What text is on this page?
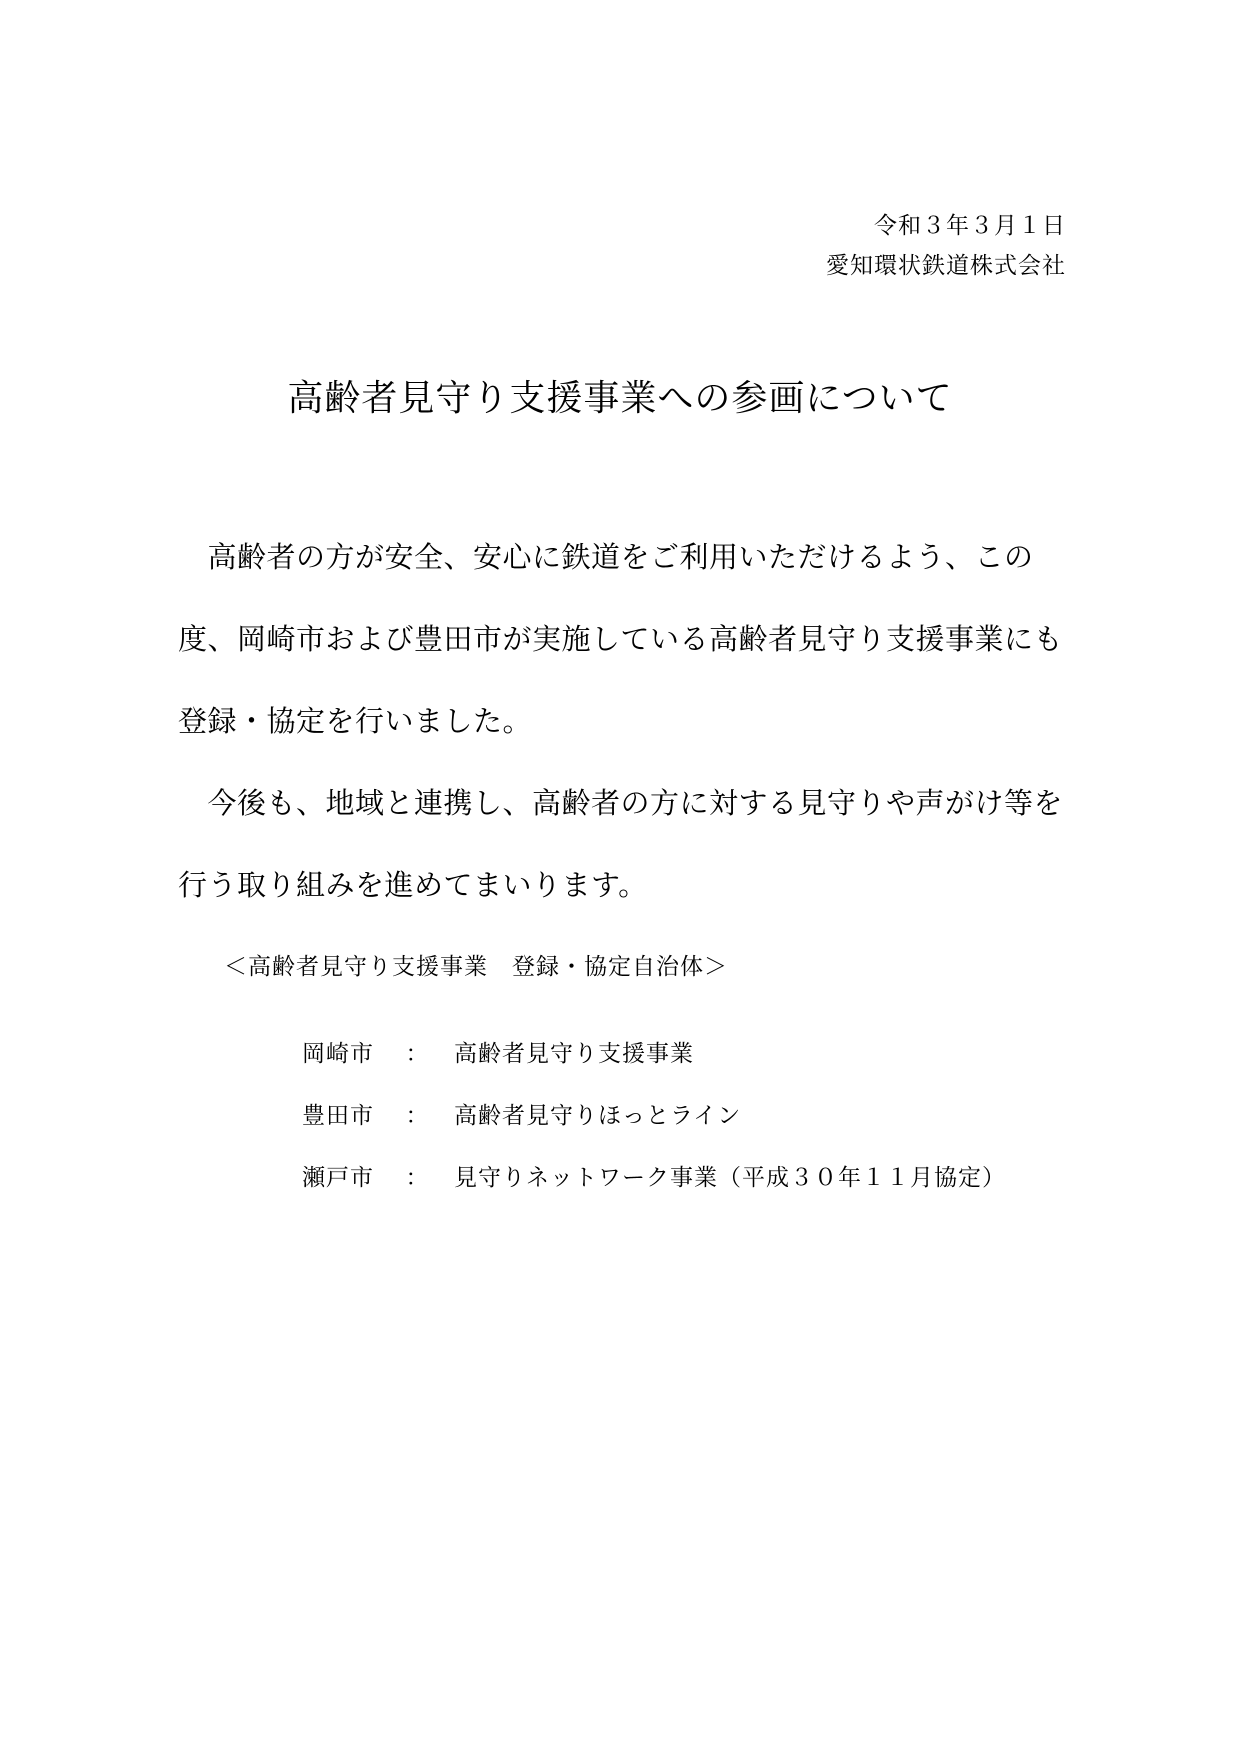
令和３年３月１日
愛知環状鉄道株式会社
高齢者見守り支援事業への参画について

　高齢者の方が安全、安心に鉄道をご利用いただけるよう、この

度、岡崎市および豊田市が実施している高齢者見守り支援事業にも

登録・協定を行いました。

　今後も、地域と連携し、高齢者の方に対する見守りや声がけ等を

行う取り組みを進めてまいります。

＜高齢者見守り支援事業　登録・協定自治体＞
岡崎市	：	高齢者見守り支援事業
豊田市	：	高齢者見守りほっとライン
瀬戸市	：	見守りネットワーク事業（平成３０年１１月協定）
